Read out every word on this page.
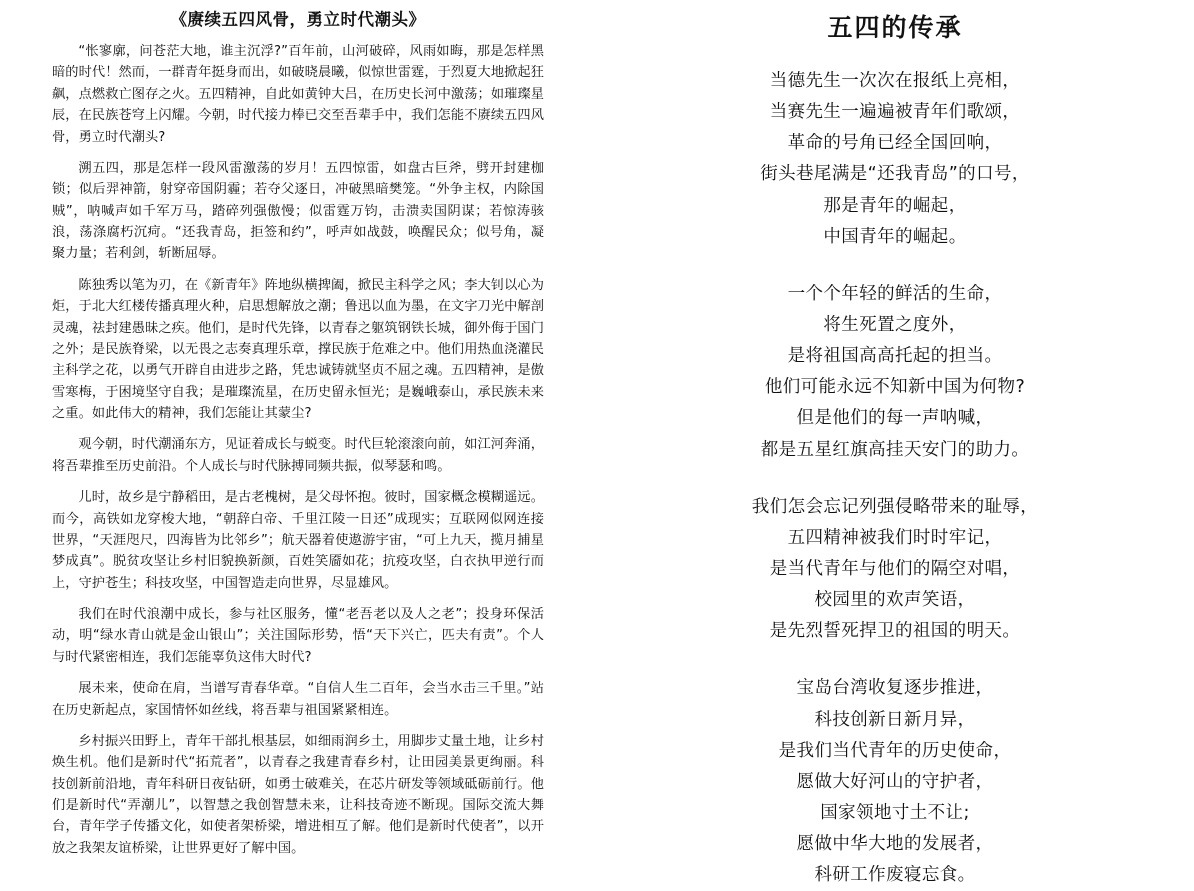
《赓续五四风骨，勇立时代潮头》

“怅寥廓，问苍茫大地，谁主沉浮?”百年前，山河破碎，风雨如晦，那是怎样黑暗的时代！然而，一群青年挺身而出，如破晓晨曦，似惊世雷霆，于烈夏大地掀起狂飙，点燃救亡图存之火。五四精神，自此如黄钟大吕，在历史长河中激荡；如璀璨星辰，在民族苍穹上闪耀。今朝，时代接力棒已交至吾辈手中，我们怎能不赓续五四风骨，勇立时代潮头?

溯五四，那是怎样一段风雷激荡的岁月！五四惊雷，如盘古巨斧，劈开封建枷锁；似后羿神箭，射穿帝国阴霾；若夺父逐日，冲破黑暗樊笼。“外争主权，内除国贼”，呐喊声如千军万马，踏碎列强傲慢；似雷霆万钧，击溃卖国阴谋；若惊涛骇浪，荡涤腐朽沉疴。“还我青岛，拒签和约”，呼声如战鼓，唤醒民众；似号角，凝聚力量；若利剑，斩断屈辱。

陈独秀以笔为刃，在《新青年》阵地纵横捭阖，掀民主科学之风；李大钊以心为炬，于北大红楼传播真理火种，启思想解放之潮；鲁迅以血为墨，在文字刀光中解剖灵魂，祛封建愚昧之疾。他们，是时代先锋，以青春之躯筑钢铁长城，御外侮于国门之外；是民族脊梁，以无畏之志奏真理乐章，撑民族于危难之中。他们用热血浇灌民主科学之花，以勇气开辟自由进步之路，凭忠诚铸就坚贞不屈之魂。五四精神，是傲雪寒梅，于困境坚守自我；是璀璨流星，在历史留永恒光；是巍峨泰山，承民族未来之重。如此伟大的精神，我们怎能让其蒙尘?

观今朝，时代潮涌东方，见证着成长与蜕变。时代巨轮滚滚向前，如江河奔涌，将吾辈推至历史前沿。个人成长与时代脉搏同频共振，似琴瑟和鸣。

儿时，故乡是宁静稻田，是古老槐树，是父母怀抱。彼时，国家概念模糊遥远。而今，高铁如龙穿梭大地，“朝辞白帝、千里江陵一日还”成现实；互联网似网连接世界，“天涯咫尺，四海皆为比邻乡”；航天器着使遨游宇宙，“可上九天，揽月捕星梦成真”。脱贫攻坚让乡村旧貌换新颜，百姓笑靥如花；抗疫攻坚，白衣执甲逆行而上，守护苍生；科技攻坚，中国智造走向世界，尽显雄风。

我们在时代浪潮中成长，参与社区服务，懂“老吾老以及人之老”；投身环保活动，明“绿水青山就是金山银山”；关注国际形势，悟“天下兴亡，匹夫有责”。个人与时代紧密相连，我们怎能辜负这伟大时代?

展未来，使命在肩，当谱写青春华章。“自信人生二百年，会当水击三千里。”站在历史新起点，家国情怀如丝线，将吾辈与祖国紧紧相连。

乡村振兴田野上，青年干部扎根基层，如细雨润乡土，用脚步丈量土地，让乡村焕生机。他们是新时代“拓荒者”，以青春之我建青春乡村，让田园美景更绚丽。科技创新前沿地，青年科研日夜钻研，如勇士破难关，在芯片研发等领域砥砺前行。他们是新时代“弄潮儿”，以智慧之我创智慧未来，让科技奇迹不断现。国际交流大舞台，青年学子传播文化，如使者架桥梁，增进相互了解。他们是新时代使者”，以开放之我架友谊桥梁，让世界更好了解中国。

五四的传承
当德先生一次次在报纸上亮相，
当赛先生一遍遍被青年们歌颂，
革命的号角已经全国回响，
街头巷尾满是“还我青岛”的口号，
那是青年的崛起，
中国青年的崛起。
一个个年轻的鲜活的生命，
将生死置之度外，
是将祖国高高托起的担当。
他们可能永远不知新中国为何物?
但是他们的每一声呐喊，
都是五星红旗高挂天安门的助力。
我们怎会忘记列强侵略带来的耻辱，
五四精神被我们时时牢记，
是当代青年与他们的隔空对唱，
校园里的欢声笑语，
是先烈誓死捍卫的祖国的明天。
宝岛台湾收复逐步推进，
科技创新日新月异，
是我们当代青年的历史使命，
愿做大好河山的守护者，
国家领地寸土不让;
愿做中华大地的发展者，
科研工作废寝忘食。
